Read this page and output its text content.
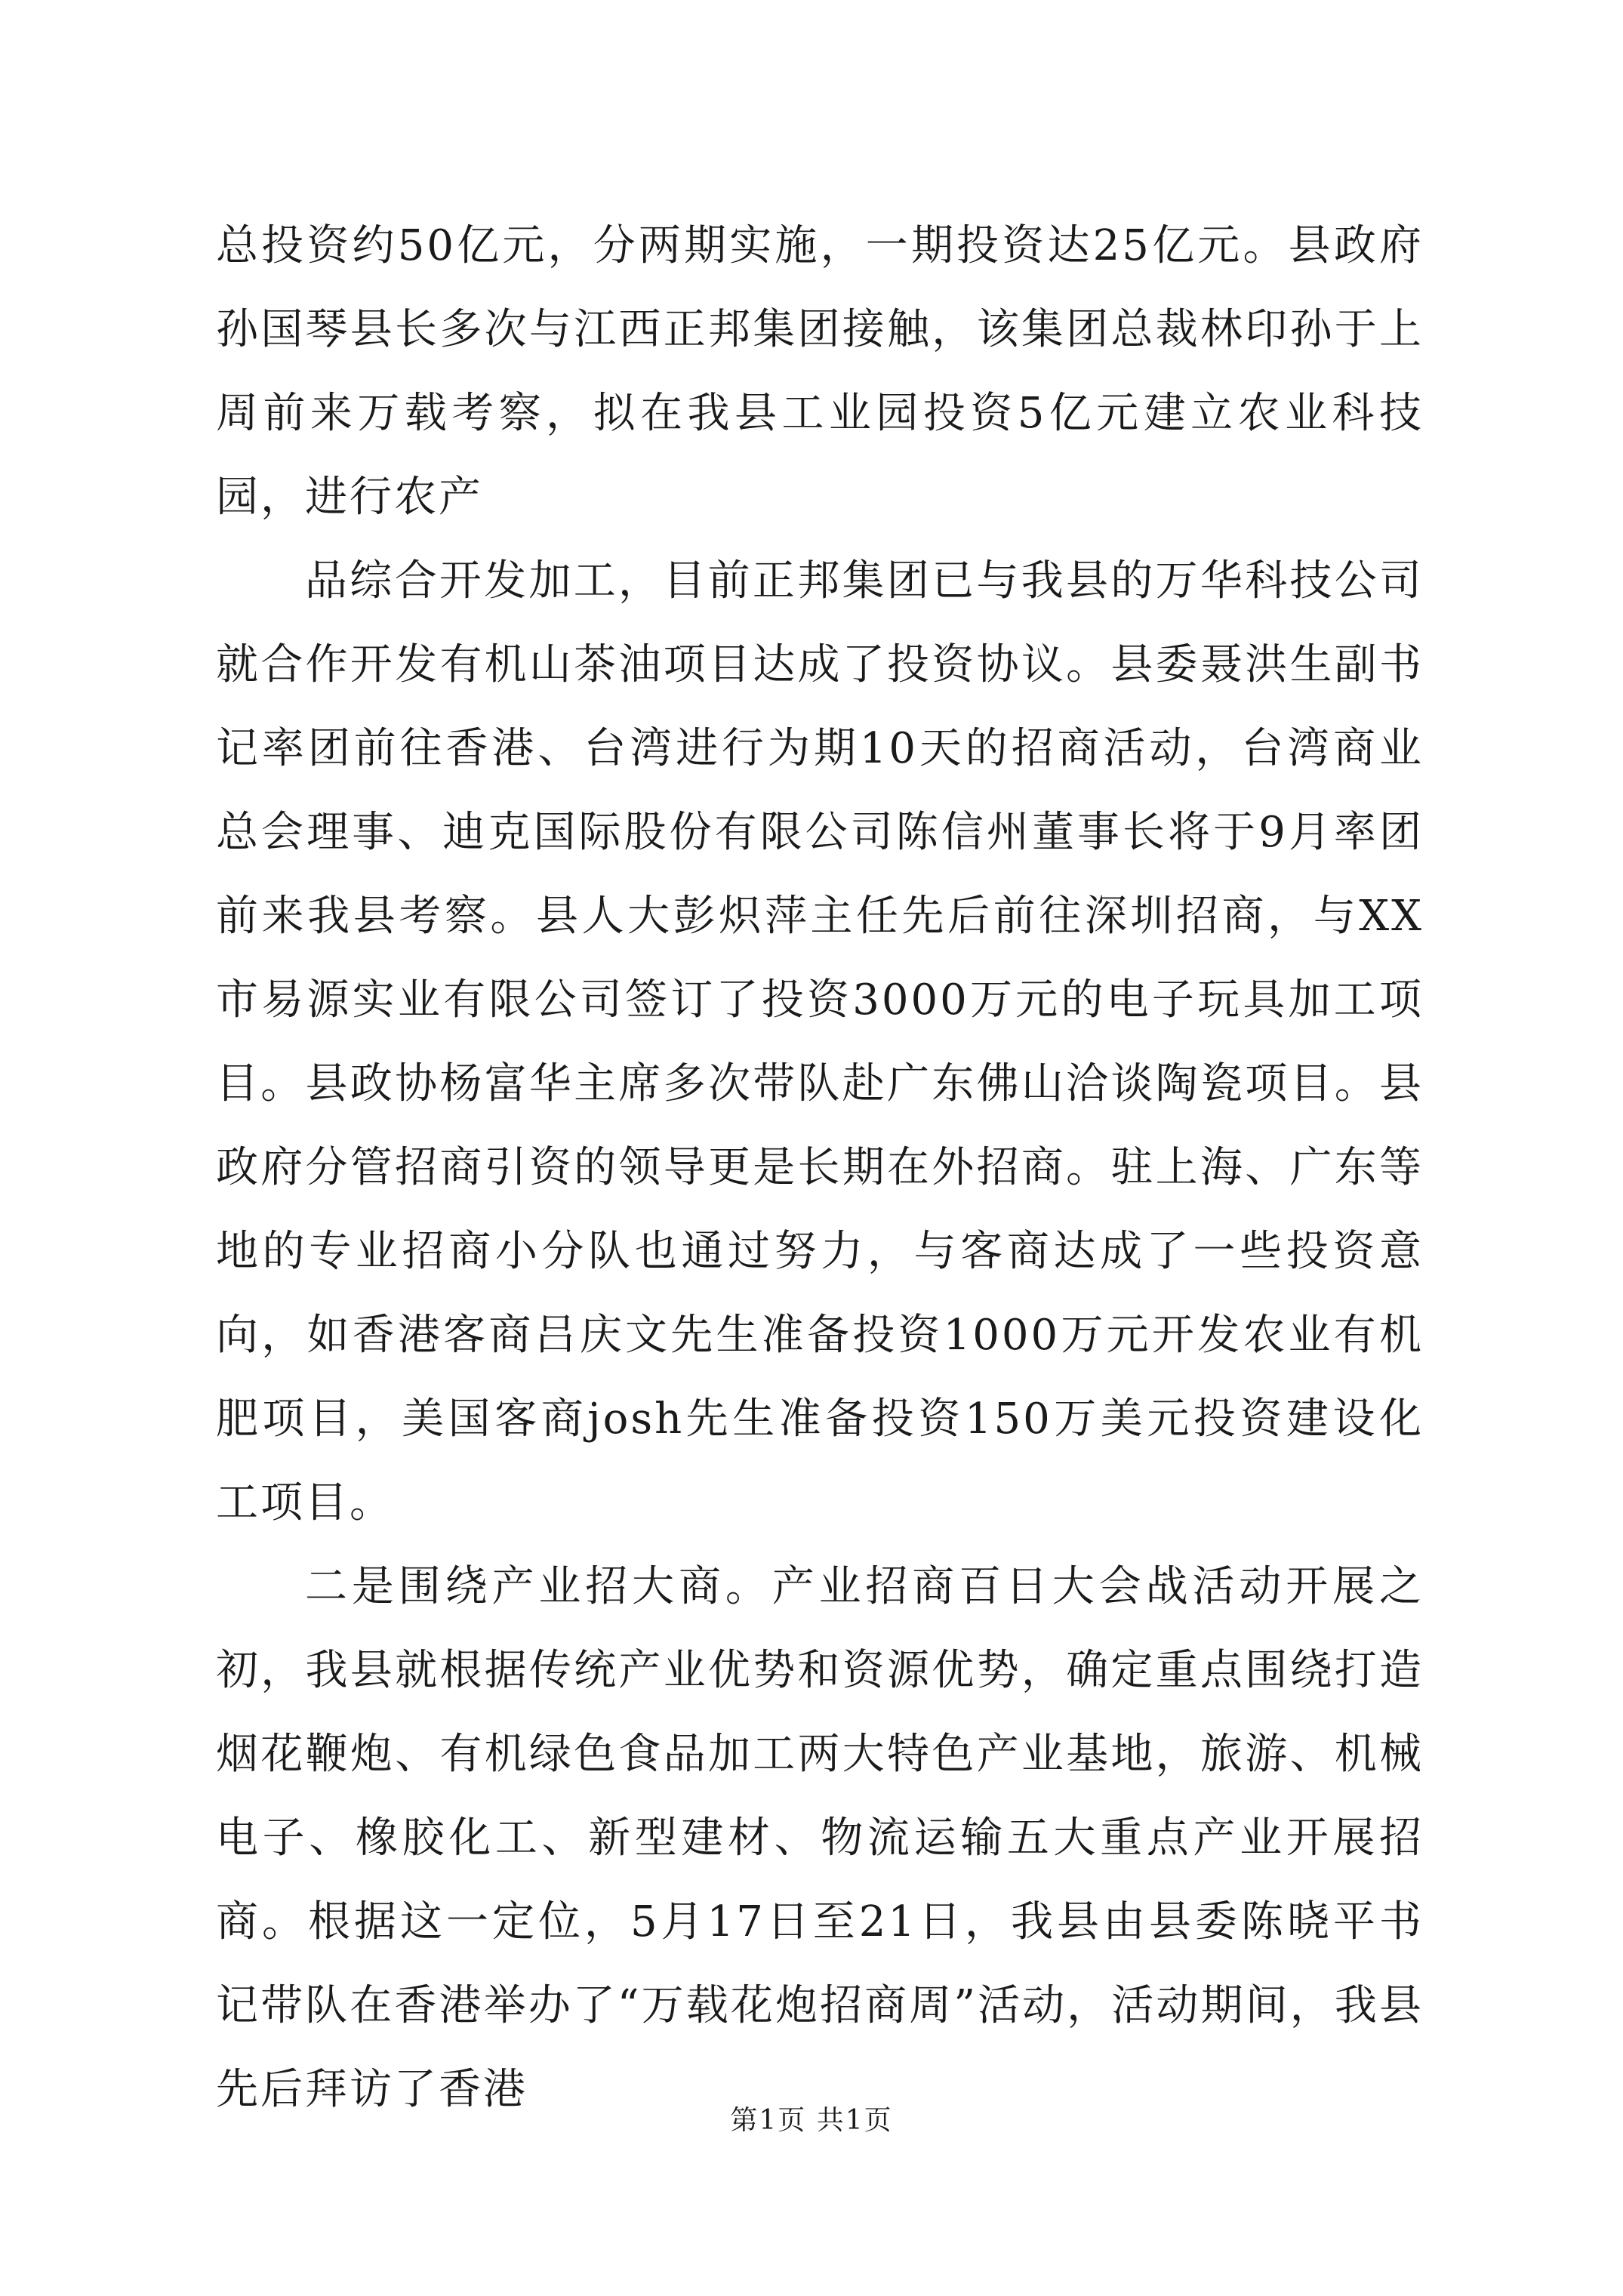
总投资约50亿元，分两期实施，一期投资达25亿元。县政府孙国琴县长多次与江西正邦集团接触，该集团总裁林印孙于上周前来万载考察，拟在我县工业园投资5亿元建立农业科技园，进行农产

品综合开发加工，目前正邦集团已与我县的万华科技公司就合作开发有机山茶油项目达成了投资协议。县委聂洪生副书记率团前往香港、台湾进行为期10天的招商活动，台湾商业总会理事、迪克国际股份有限公司陈信州董事长将于9月率团前来我县考察。县人大彭炽萍主任先后前往深圳招商，与XX市易源实业有限公司签订了投资3000万元的电子玩具加工项目。县政协杨富华主席多次带队赴广东佛山洽谈陶瓷项目。县政府分管招商引资的领导更是长期在外招商。驻上海、广东等地的专业招商小分队也通过努力，与客商达成了一些投资意向，如香港客商吕庆文先生准备投资1000万元开发农业有机肥项目，美国客商josh先生准备投资150万美元投资建设化工项目。

二是围绕产业招大商。产业招商百日大会战活动开展之初，我县就根据传统产业优势和资源优势，确定重点围绕打造烟花鞭炮、有机绿色食品加工两大特色产业基地，旅游、机械电子、橡胶化工、新型建材、物流运输五大重点产业开展招商。根据这一定位，5月17日至21日，我县由县委陈晓平书记带队在香港举办了“万载花炮招商周”活动，活动期间，我县先后拜访了香港

第1页 共1页
